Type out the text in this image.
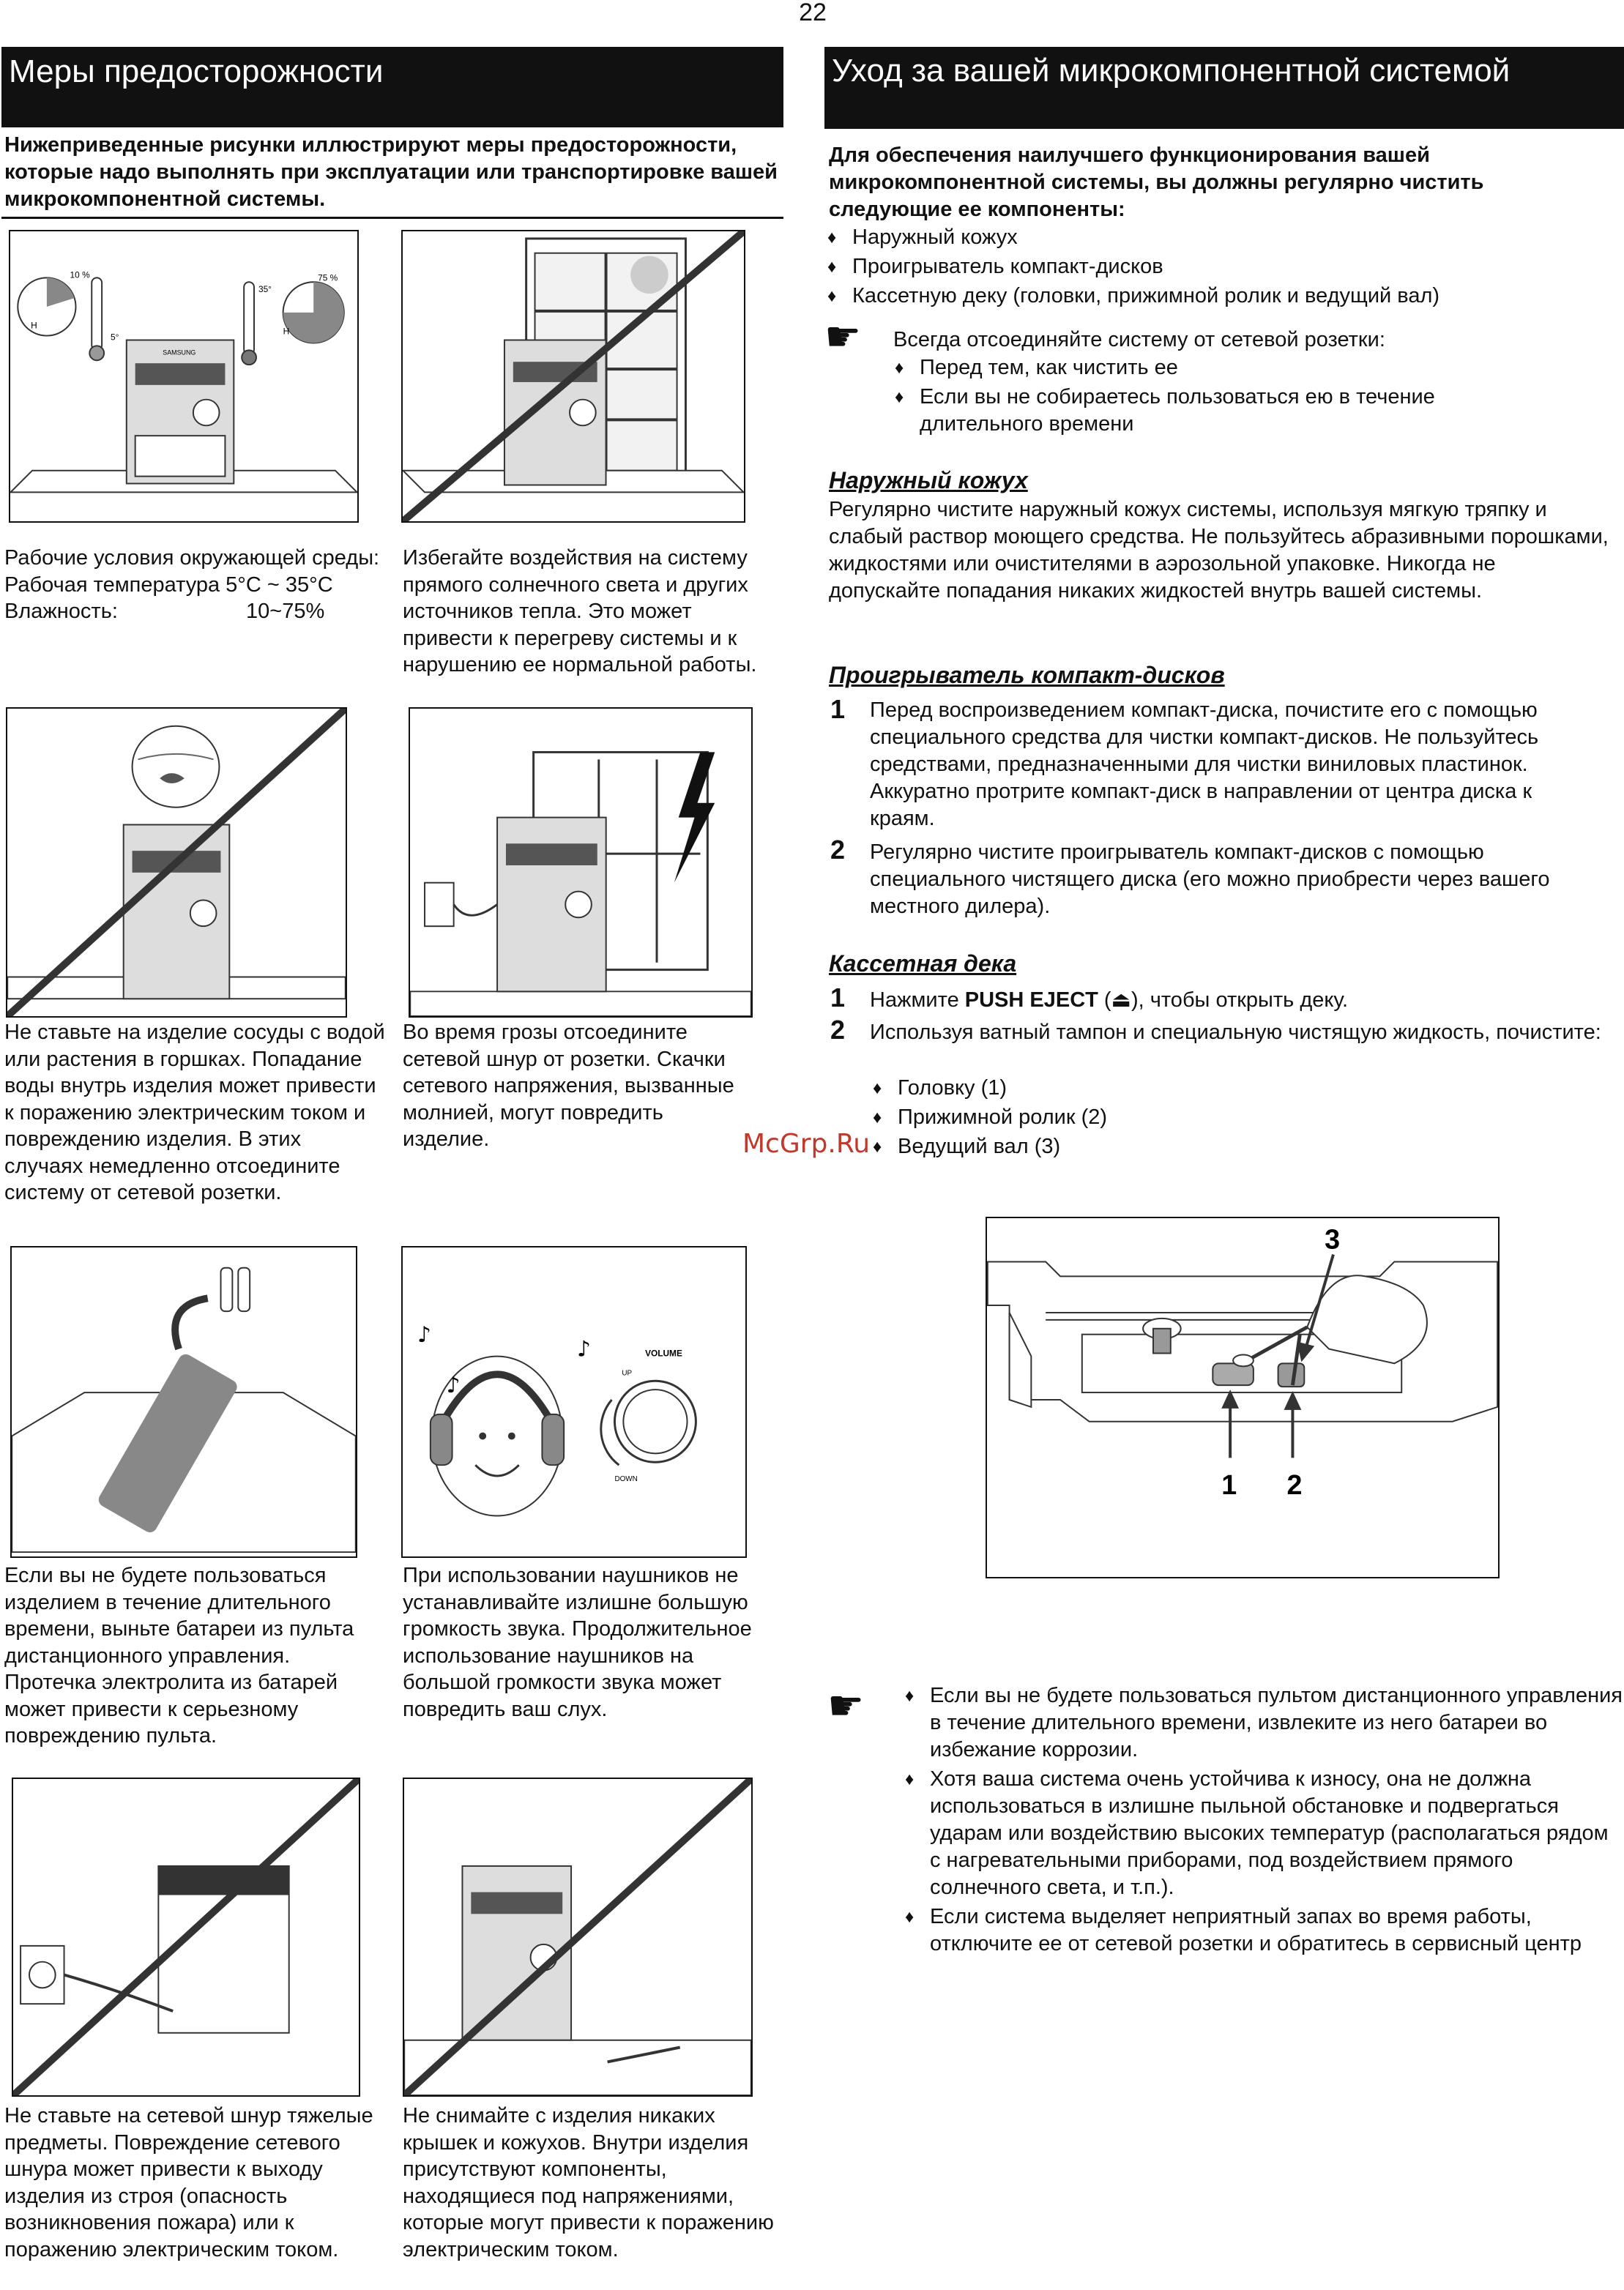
22
Меры предосторожности
Нижеприведенные рисунки иллюстрируют меры предосторожности, которые надо выполнять при эксплуатации или транспортировке вашей микрокомпонентной системы.
10 %
H
5°
35°
75 %
H
SAMSUNG
Рабочие условия окружающей среды:
Рабочая температура 5°C ~ 35°C
Влажность:	10~75%
Избегайте воздействия на систему прямого солнечного света и других источников тепла. Это может привести к перегреву системы и к нарушению ее нормальной работы.
Не ставьте на изделие сосуды с водой или растения в горшках. Попадание воды внутрь изделия может привести к поражению электрическим током и повреждению изделия. В этих случаях немедленно отсоедините систему от сетевой розетки.
Во время грозы отсоедините сетевой шнур от розетки. Скачки сетевого напряжения, вызванные молнией, могут повредить изделие.
Если вы не будете пользоваться изделием в течение длительного времени, выньте батареи из пульта дистанционного управления. Протечка электролита из батарей может привести к серьезному повреждению пульта.
♪
♪
♪	VOLUME
UP
DOWN
При использовании наушников не устанавливайте излишне большую громкость звука. Продолжительное использование наушников на большой громкости звука может повредить ваш слух.
Не ставьте на сетевой шнур тяжелые предметы. Повреждение сетевого шнура может привести к выходу изделия из строя (опасность возникновения пожара) или к поражению электрическим током.
Не снимайте с изделия никаких крышек и кожухов. Внутри изделия присутствуют компоненты, находящиеся под напряжениями, которые могут привести к поражению электрическим током.
Уход за вашей микрокомпонентной системой
Для обеспечения наилучшего функционирования вашей микрокомпонентной системы, вы должны регулярно чистить следующие ее компоненты:
♦ Наружный кожух
♦ Проигрыватель компакт-дисков
♦ Кассетную деку (головки, прижимной ролик и ведущий вал)
☛ Всегда отсоединяйте систему от сетевой розетки:
♦ Перед тем, как чистить ее
♦ Если вы не собираетесь пользоваться ею в течение длительного времени
Наружный кожух
Регулярно чистите наружный кожух системы, используя мягкую тряпку и слабый раствор моющего средства. Не пользуйтесь абразивными порошками, жидкостями или очистителями в аэрозольной упаковке. Никогда не допускайте попадания никаких жидкостей внутрь вашей системы.
Проигрыватель компакт-дисков
1 Перед воспроизведением компакт-диска, почистите его с помощью специального средства для чистки компакт-дисков. Не пользуйтесь средствами, предназначенными для чистки виниловых пластинок. Аккуратно протрите компакт-диск в направлении от центра диска к краям.
2 Регулярно чистите проигрыватель компакт-дисков с помощью специального чистящего диска (его можно приобрести через вашего местного дилера).
Кассетная дека
1 Нажмите PUSH EJECT (⏏), чтобы открыть деку.
2 Используя ватный тампон и специальную чистящую жидкость, почистите:
♦ Головку (1)
♦ Прижимной ролик (2)
♦ Ведущий вал (3)
McGrp.Ru
1 2
3
☛
♦	Если вы не будете пользоваться пультом дистанционного управления в течение длительного времени, извлеките из него батареи во избежание коррозии.
♦ Хотя ваша система очень устойчива к износу, она не должна использоваться в излишне пыльной обстановке и подвергаться ударам или воздействию высоких температур (располагаться рядом с нагревательными приборами, под воздействием прямого солнечного света, и т.п.).
♦ Если система выделяет неприятный запах во время работы, отключите ее от сетевой розетки и обратитесь в сервисный центр
